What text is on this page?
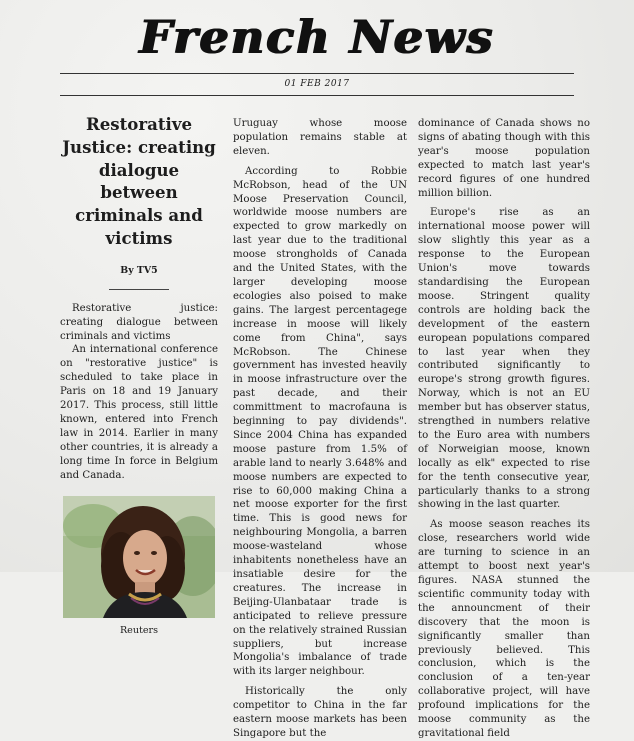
French News
01 FEB 2017
Restorative Justice: creating dialogue between criminals and victims
By TV5

Restorative justice: creating dialogue between criminals and victims

An international conference on "restorative justice" is scheduled to take place in Paris on 18 and 19 January 2017. This process, still little known, entered into French law in 2014. Earlier in many other countries, it is already a long time In force in Belgium and Canada.

Reuters

Uruguay whose moose population remains stable at eleven.

According to Robbie McRobson, head of the UN Moose Preservation Council, worldwide moose numbers are expected to grow markedly on last year due to the traditional moose strongholds of Canada and the United States, with the larger developing moose ecologies also poised to make gains. The largest percentagege increase in moose will likely come from China", says McRobson. The Chinese government has invested heavily in moose infrastructure over the past decade, and their committment to macrofauna is beginning to pay dividends". Since 2004 China has expanded moose pasture from 1.5% of arable land to nearly 3.648% and moose numbers are expected to rise to 60,000 making China a net moose exporter for the first time. This is good news for neighbouring Mongolia, a barren moose-wasteland whose inhabitents nonetheless have an insatiable desire for the creatures. The increase in Beijing-Ulanbataar trade is anticipated to relieve pressure on the relatively strained Russian suppliers, but increase Mongolia's imbalance of trade with its larger neighbour.

Historically the only competitor to China in the far eastern moose markets has been Singapore but the

dominance of Canada shows no signs of abating though with this year's moose population expected to match last year's record figures of one hundred million billion.

Europe's rise as an international moose power will slow slightly this year as a response to the European Union's move towards standardising the European moose. Stringent quality controls are holding back the development of the eastern european populations compared to last year when they contributed significantly to europe's strong growth figures. Norway, which is not an EU member but has observer status, strengthed in numbers relative to the Euro area with numbers of Norweigian moose, known locally as elk" expected to rise for the tenth consecutive year, particularly thanks to a strong showing in the last quarter.

As moose season reaches its close, researchers world wide are turning to science in an attempt to boost next year's figures. NASA stunned the scientific community today with the announcment of their discovery that the moon is significantly smaller than previously believed. This conclusion, which is the conclusion of a ten-year collaborative project, will have profound implications for the moose community as the gravitational field
